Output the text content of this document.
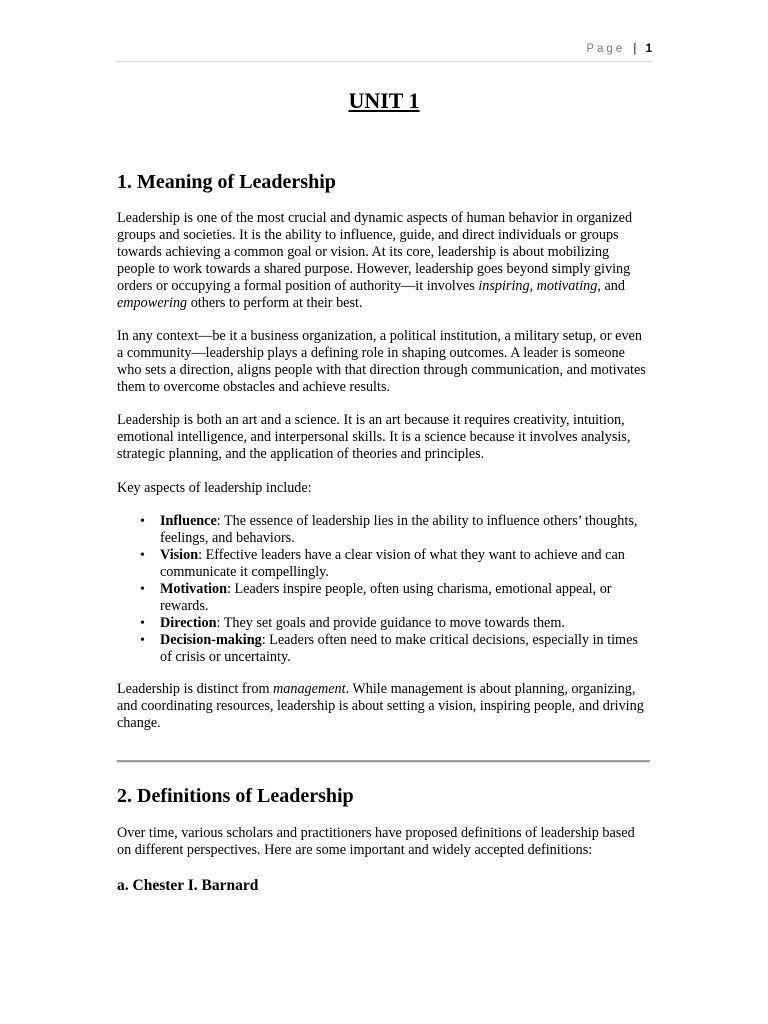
Page | 1
UNIT 1
1. Meaning of Leadership

Leadership is one of the most crucial and dynamic aspects of human behavior in organized groups and societies. It is the ability to influence, guide, and direct individuals or groups towards achieving a common goal or vision. At its core, leadership is about mobilizing people to work towards a shared purpose. However, leadership goes beyond simply giving orders or occupying a formal position of authority—it involves inspiring, motivating, and empowering others to perform at their best.

In any context—be it a business organization, a political institution, a military setup, or even a community—leadership plays a defining role in shaping outcomes. A leader is someone who sets a direction, aligns people with that direction through communication, and motivates them to overcome obstacles and achieve results.

Leadership is both an art and a science. It is an art because it requires creativity, intuition, emotional intelligence, and interpersonal skills. It is a science because it involves analysis, strategic planning, and the application of theories and principles.

Key aspects of leadership include:

• Influence: The essence of leadership lies in the ability to influence others’ thoughts, feelings, and behaviors.
• Vision: Effective leaders have a clear vision of what they want to achieve and can communicate it compellingly.
• Motivation: Leaders inspire people, often using charisma, emotional appeal, or rewards.
• Direction: They set goals and provide guidance to move towards them.
• Decision-making: Leaders often need to make critical decisions, especially in times of crisis or uncertainty.

Leadership is distinct from management. While management is about planning, organizing, and coordinating resources, leadership is about setting a vision, inspiring people, and driving change.

2. Definitions of Leadership

Over time, various scholars and practitioners have proposed definitions of leadership based on different perspectives. Here are some important and widely accepted definitions:

a. Chester I. Barnard
